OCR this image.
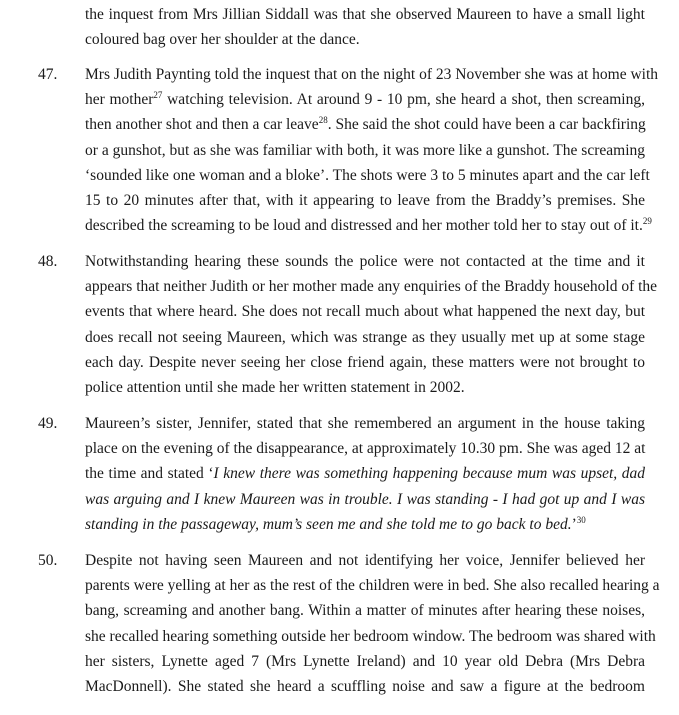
the inquest from Mrs Jillian Siddall was that she observed Maureen to have a small light
coloured bag over her shoulder at the dance.
47. Mrs Judith Paynting told the inquest that on the night of 23 November she was at home with
her mother$^{27}$ watching television. At around 9 - 10 pm, she heard a shot, then screaming,
then another shot and then a car leave$^{28}$. She said the shot could have been a car backfiring
or a gunshot, but as she was familiar with both, it was more like a gunshot. The screaming
‘sounded like one woman and a bloke’. The shots were 3 to 5 minutes apart and the car left
15 to 20 minutes after that, with it appearing to leave from the Braddy’s premises. She
described the screaming to be loud and distressed and her mother told her to stay out of it.$^{29}$
48. Notwithstanding hearing these sounds the police were not contacted at the time and it
appears that neither Judith or her mother made any enquiries of the Braddy household of the
events that where heard. She does not recall much about what happened the next day, but
does recall not seeing Maureen, which was strange as they usually met up at some stage
each day. Despite never seeing her close friend again, these matters were not brought to
police attention until she made her written statement in 2002.
49. Maureen’s sister, Jennifer, stated that she remembered an argument in the house taking
place on the evening of the disappearance, at approximately 10.30 pm. She was aged 12 at
the time and stated ‘I knew there was something happening because mum was upset, dad
was arguing and I knew Maureen was in trouble. I was standing - I had got up and I was
standing in the passageway, mum’s seen me and she told me to go back to bed.’$^{30}$
50. Despite not having seen Maureen and not identifying her voice, Jennifer believed her
parents were yelling at her as the rest of the children were in bed. She also recalled hearing a
bang, screaming and another bang. Within a matter of minutes after hearing these noises,
she recalled hearing something outside her bedroom window. The bedroom was shared with
her sisters, Lynette aged 7 (Mrs Lynette Ireland) and 10 year old Debra (Mrs Debra
MacDonnell). She stated she heard a scuffling noise and saw a figure at the bedroom
